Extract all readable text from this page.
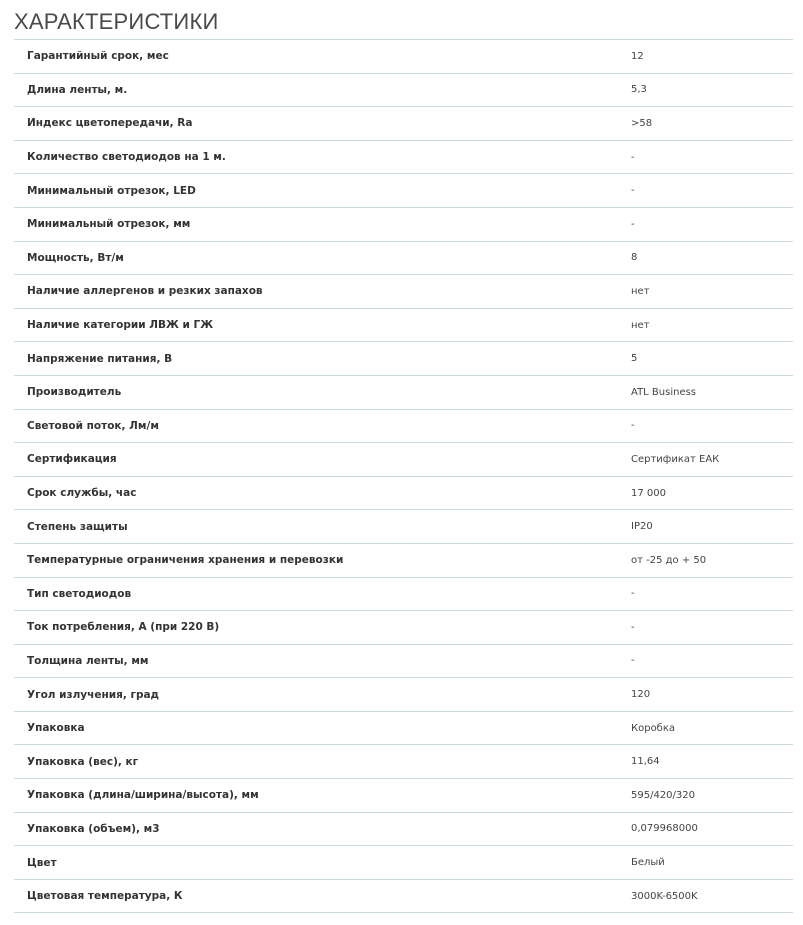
ХАРАКТЕРИСТИКИ
Гарантийный срок, мес	12
Длина ленты, м.	5,3
Индекс цветопередачи, Ra	>58
Количество светодиодов на 1 м.	-
Минимальный отрезок, LED	-
Минимальный отрезок, мм	-
Мощность, Вт/м	8
Наличие аллергенов и резких запахов	нет
Наличие категории ЛВЖ и ГЖ	нет
Напряжение питания, В	5
Производитель	ATL Business
Световой поток, Лм/м	-
Сертификация	Сертификат ЕАК
Срок службы, час	17 000
Степень защиты	IP20
Температурные ограничения хранения и перевозки	от -25 до + 50
Тип светодиодов	-
Ток потребления, А (при 220 В)	-
Толщина ленты, мм	-
Угол излучения, град	120
Упаковка	Коробка
Упаковка (вес), кг	11,64
Упаковка (длина/ширина/высота), мм	595/420/320
Упаковка (объем), м3	0,079968000
Цвет	Белый
Цветовая температура, К	3000K-6500K
